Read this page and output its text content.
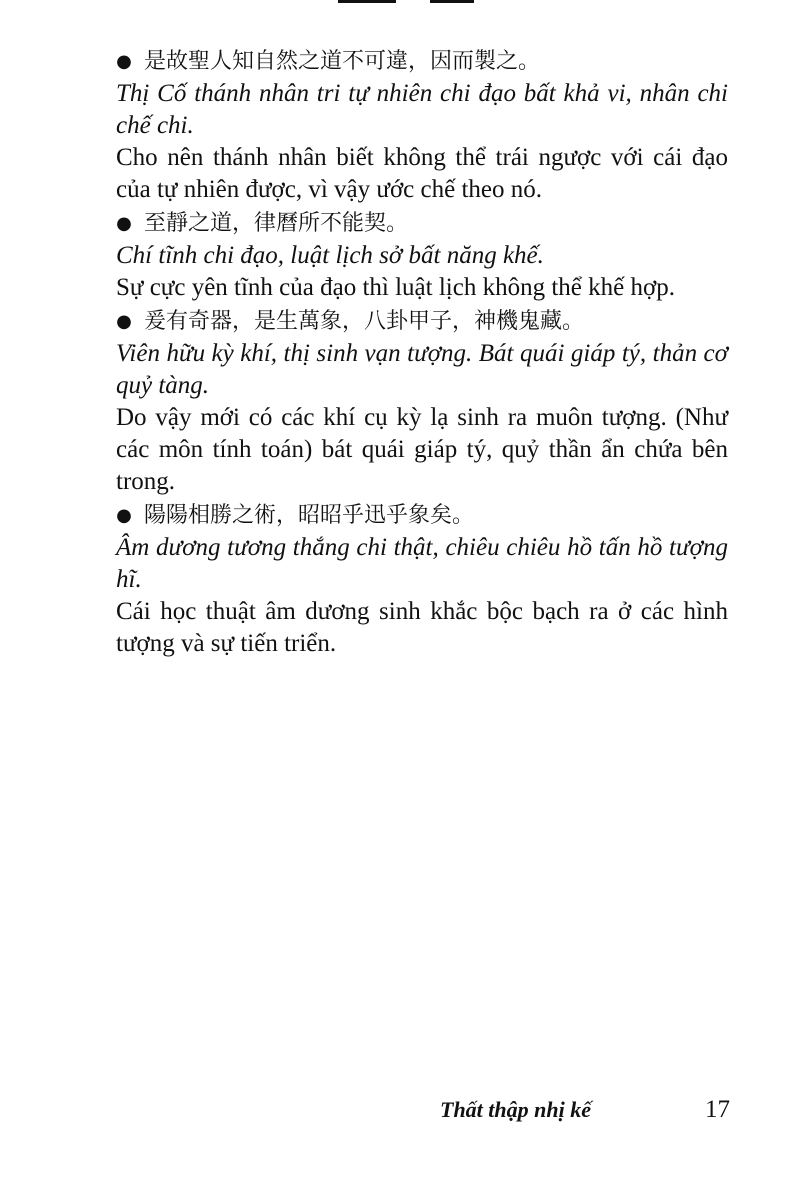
● 是故聖人知自然之道不可違，因而製之。

Thị Cố thánh nhân tri tự nhiên chi đạo bất khả vi, nhân chi chế chi.

Cho nên thánh nhân biết không thể trái ngược với cái đạo của tự nhiên được, vì vậy ước chế theo nó.

● 至靜之道，律曆所不能契。

Chí tĩnh chi đạo, luật lịch sở bất năng khế.

Sự cực yên tĩnh của đạo thì luật lịch không thể khế hợp.

● 爰有奇器，是生萬象，八卦甲子，神機鬼藏。

Viên hữu kỳ khí, thị sinh vạn tượng. Bát quái giáp tý, thản cơ quỷ tàng.

Do vậy mới có các khí cụ kỳ lạ sinh ra muôn tượng. (Như các môn tính toán) bát quái giáp tý, quỷ thần ẩn chứa bên trong.

● 陽陽相勝之術，昭昭乎迅乎象矣。

Âm dương tương thắng chi thật, chiêu chiêu hồ tấn hồ tượng hĩ.

Cái học thuật âm dương sinh khắc bộc bạch ra ở các hình tượng và sự tiến triển.

Thất thập nhị kế	17
